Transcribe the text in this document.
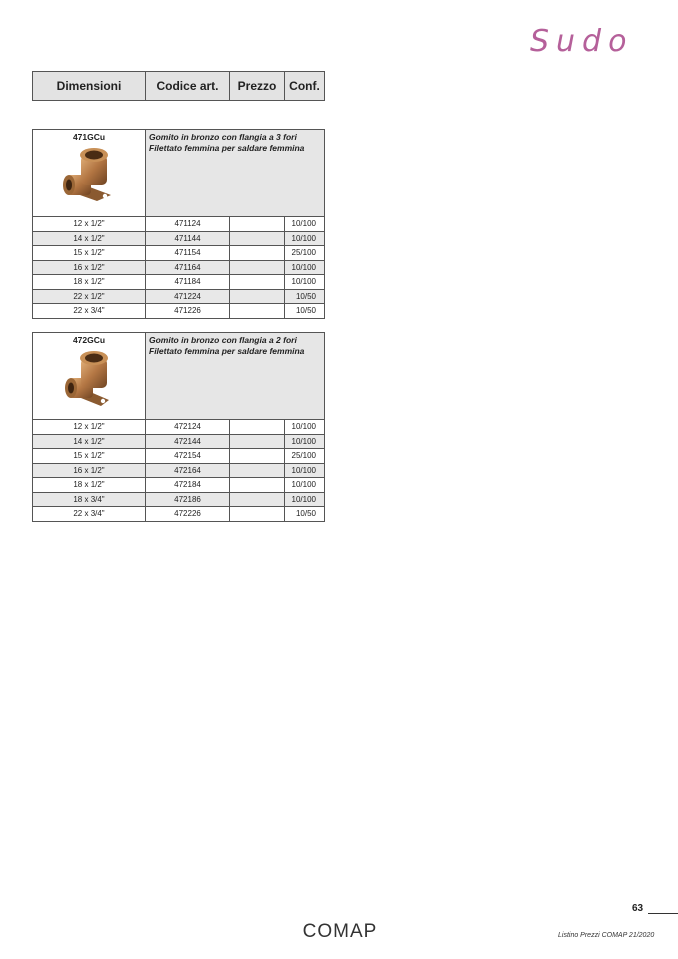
Sudo
Dimensioni	Codice art.	Prezzo	Conf.
471GCu	Gomito in bronzo con flangia a 3 fori
Filettato femmina per saldare femmina		

12 x 1/2"	471124		10/100
14 x 1/2"	471144		10/100
15 x 1/2"	471154		25/100
16 x 1/2"	471164		10/100
18 x 1/2"	471184		10/100
22 x 1/2"	471224		10/50
22 x 3/4"	471226		10/50
472GCu	Gomito in bronzo con flangia a 2 fori
Filettato femmina per saldare femmina		

12 x 1/2"	472124		10/100
14 x 1/2"	472144		10/100
15 x 1/2"	472154		25/100
16 x 1/2"	472164		10/100
18 x 1/2"	472184		10/100
18 x 3/4"	472186		10/100
22 x 3/4"	472226		10/50
63
COMAP	Listino Prezzi COMAP 21/2020
